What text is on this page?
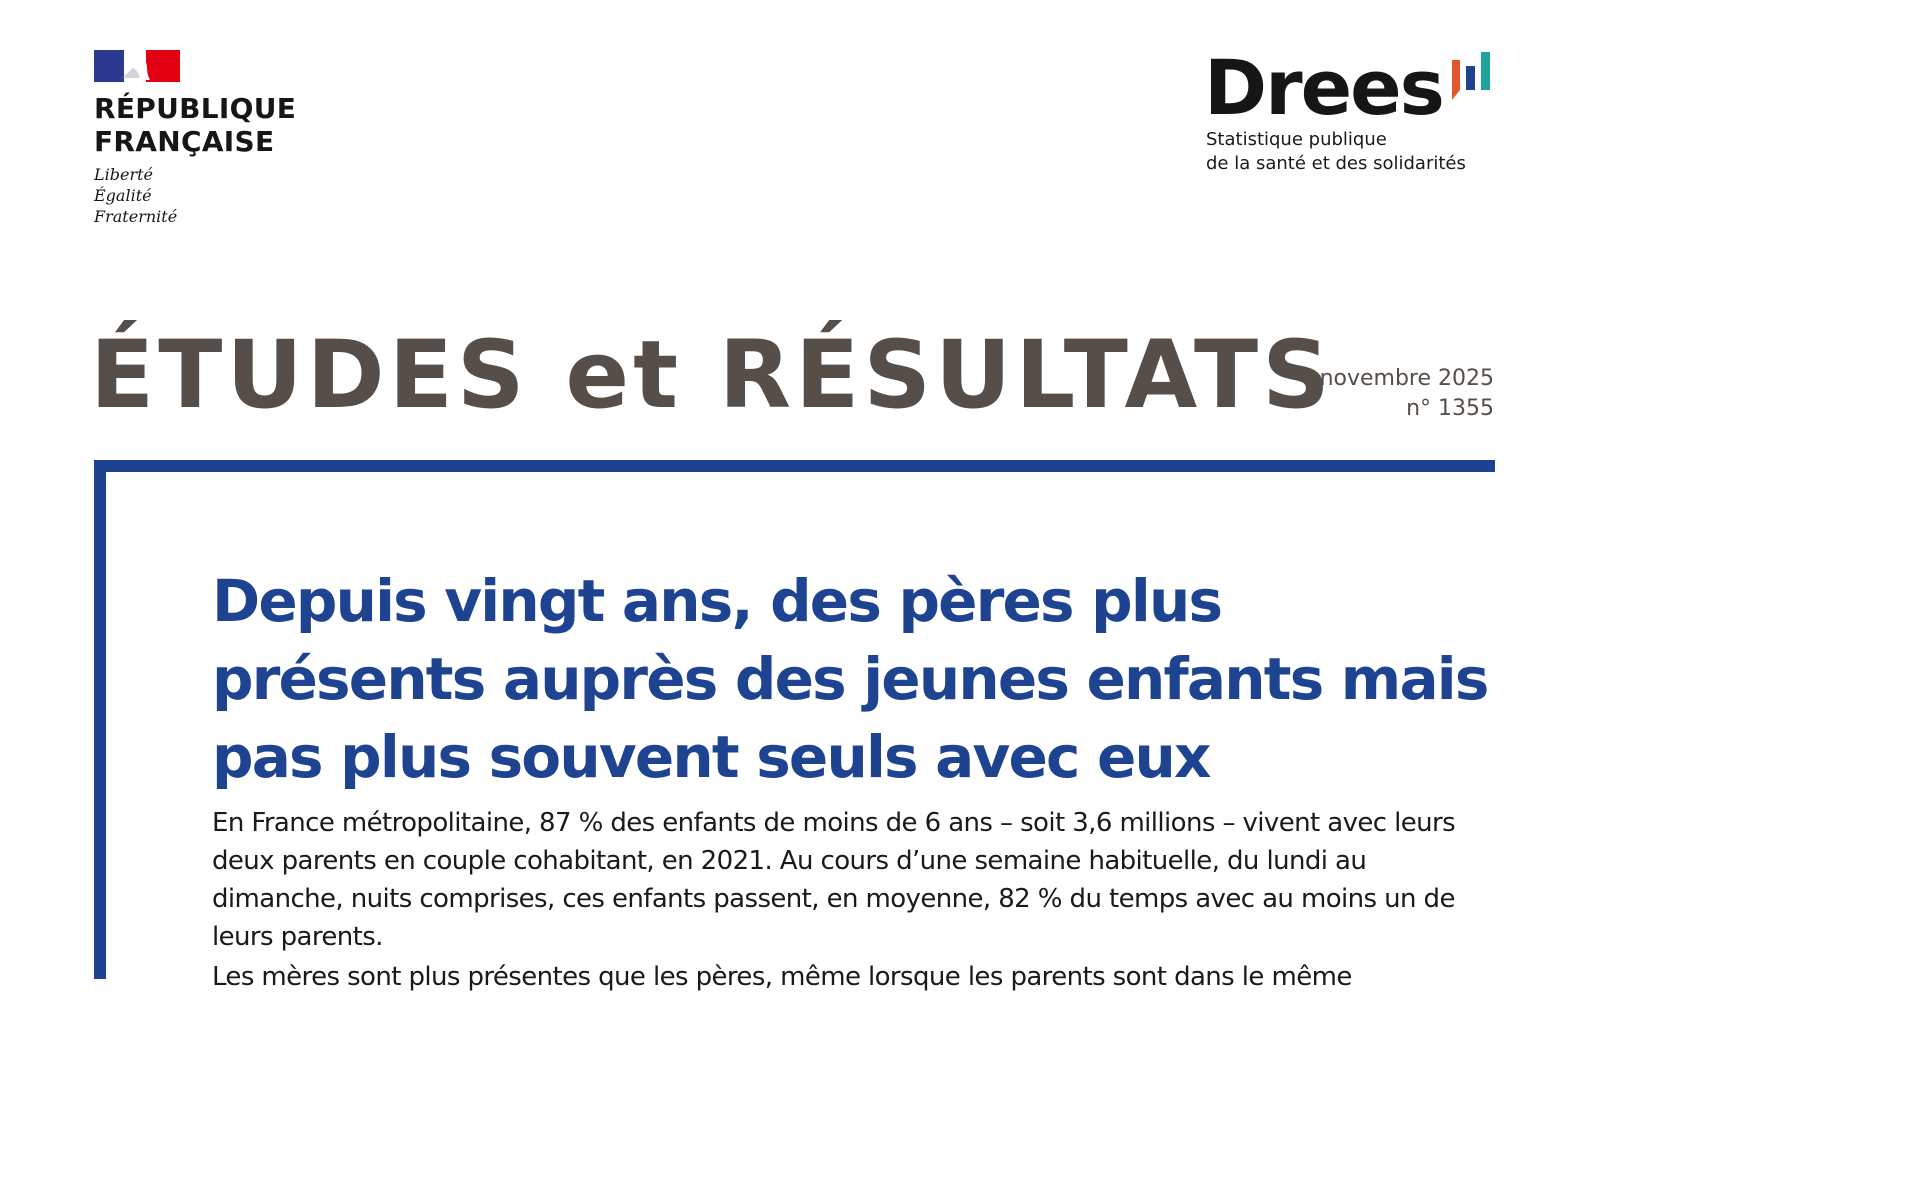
RÉPUBLIQUE
FRANÇAISE
Liberté
Égalité
Fraternité
Drees
Statistique publique
de la santé et des solidarités
ÉTUDES et RÉSULTATS
novembre 2025
n° 1355
Depuis vingt ans, des pères plus présents auprès des jeunes enfants mais pas plus souvent seuls avec eux

En France métropolitaine, 87 % des enfants de moins de 6 ans – soit 3,6 millions – vivent avec leurs deux parents en couple cohabitant, en 2021. Au cours d’une semaine habituelle, du lundi au dimanche, nuits comprises, ces enfants passent, en moyenne, 82 % du temps avec au moins un de leurs parents.

Les mères sont plus présentes que les pères, même lorsque les parents sont dans le même
